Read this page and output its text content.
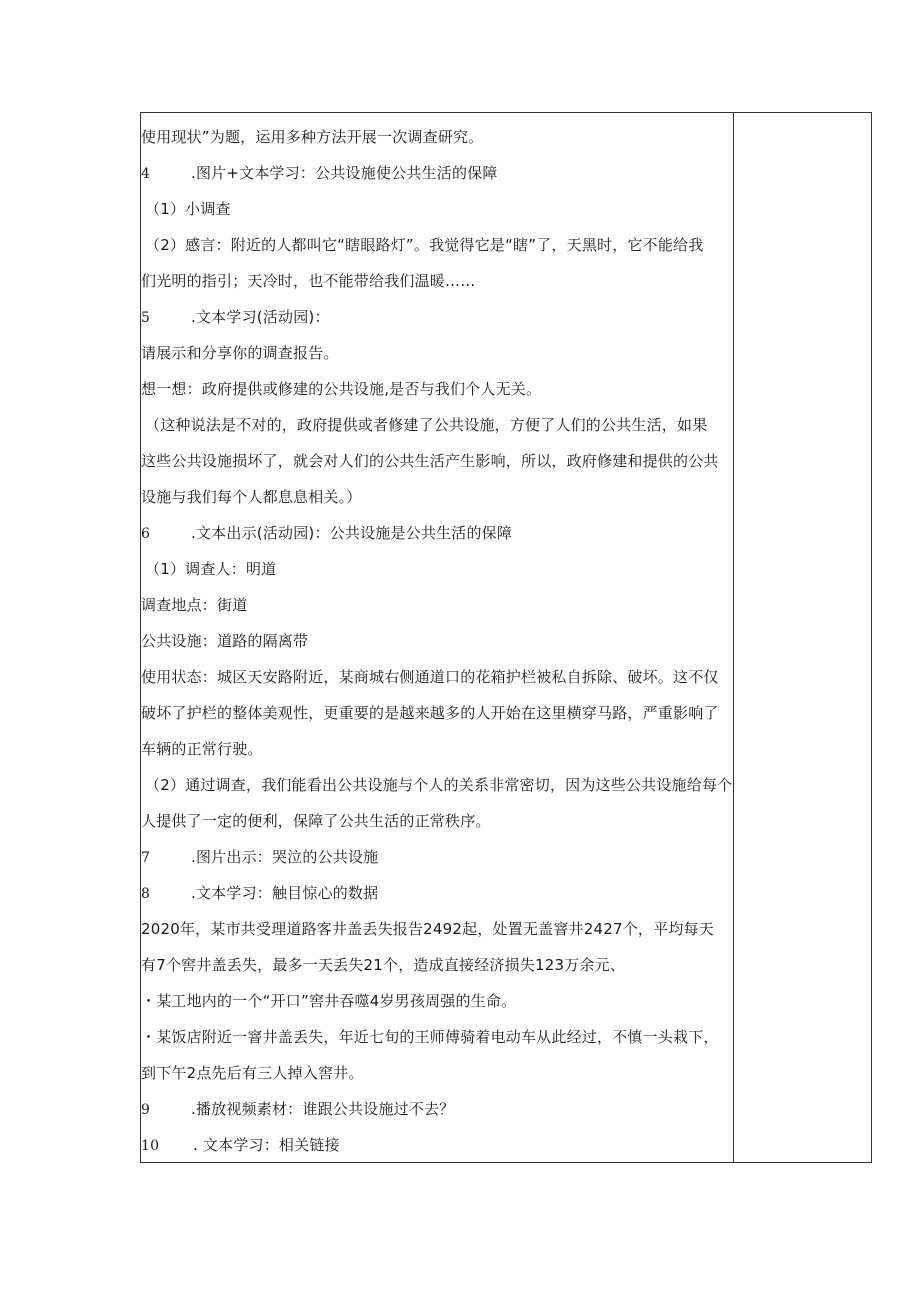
使用现状”为题，运用多种方法开展一次调查研究。
4	.图片+文本学习：公共设施使公共生活的保障
（1）小调查
（2）感言：附近的人都叫它“瞎眼路灯”。我觉得它是“瞎”了，天黑时，它不能给我
们光明的指引；天冷时，也不能带给我们温暖……
5	.文本学习(活动园)：
请展示和分享你的调查报告。
想一想：政府提供或修建的公共设施,是否与我们个人无关。
（这种说法是不对的，政府提供或者修建了公共设施，方便了人们的公共生活，如果
这些公共设施损坏了，就会对人们的公共生活产生影响，所以，政府修建和提供的公共
设施与我们每个人都息息相关。）
6	.文本出示(活动园)：公共设施是公共生活的保障
（1）调查人：明道
调查地点：街道
公共设施：道路的隔离带
使用状态：城区天安路附近，某商城右侧通道口的花箱护栏被私自拆除、破坏。这不仅
破坏了护栏的整体美观性，更重要的是越来越多的人开始在这里横穿马路，严重影响了
车辆的正常行驶。
（2）通过调查，我们能看出公共设施与个人的关系非常密切，因为这些公共设施给每个
人提供了一定的便利，保障了公共生活的正常秩序。
7	.图片出示：哭泣的公共设施
8	.文本学习：触目惊心的数据
2020年，某市共受理道路客井盖丢失报告2492起，处置无盖窨井2427个，平均每天
有7个窖井盖丢失，最多一天丢失21个，造成直接经济损失123万余元、
・某工地内的一个“开口”窖井吞噬4岁男孩周强的生命。
・某饭店附近一窨井盖丢失，年近七旬的王师傅骑着电动车从此经过，不慎一头栽下，
到下午2点先后有三人掉入窖井。
9	.播放视频素材：谁跟公共设施过不去？
10 . 文本学习：相关链接
